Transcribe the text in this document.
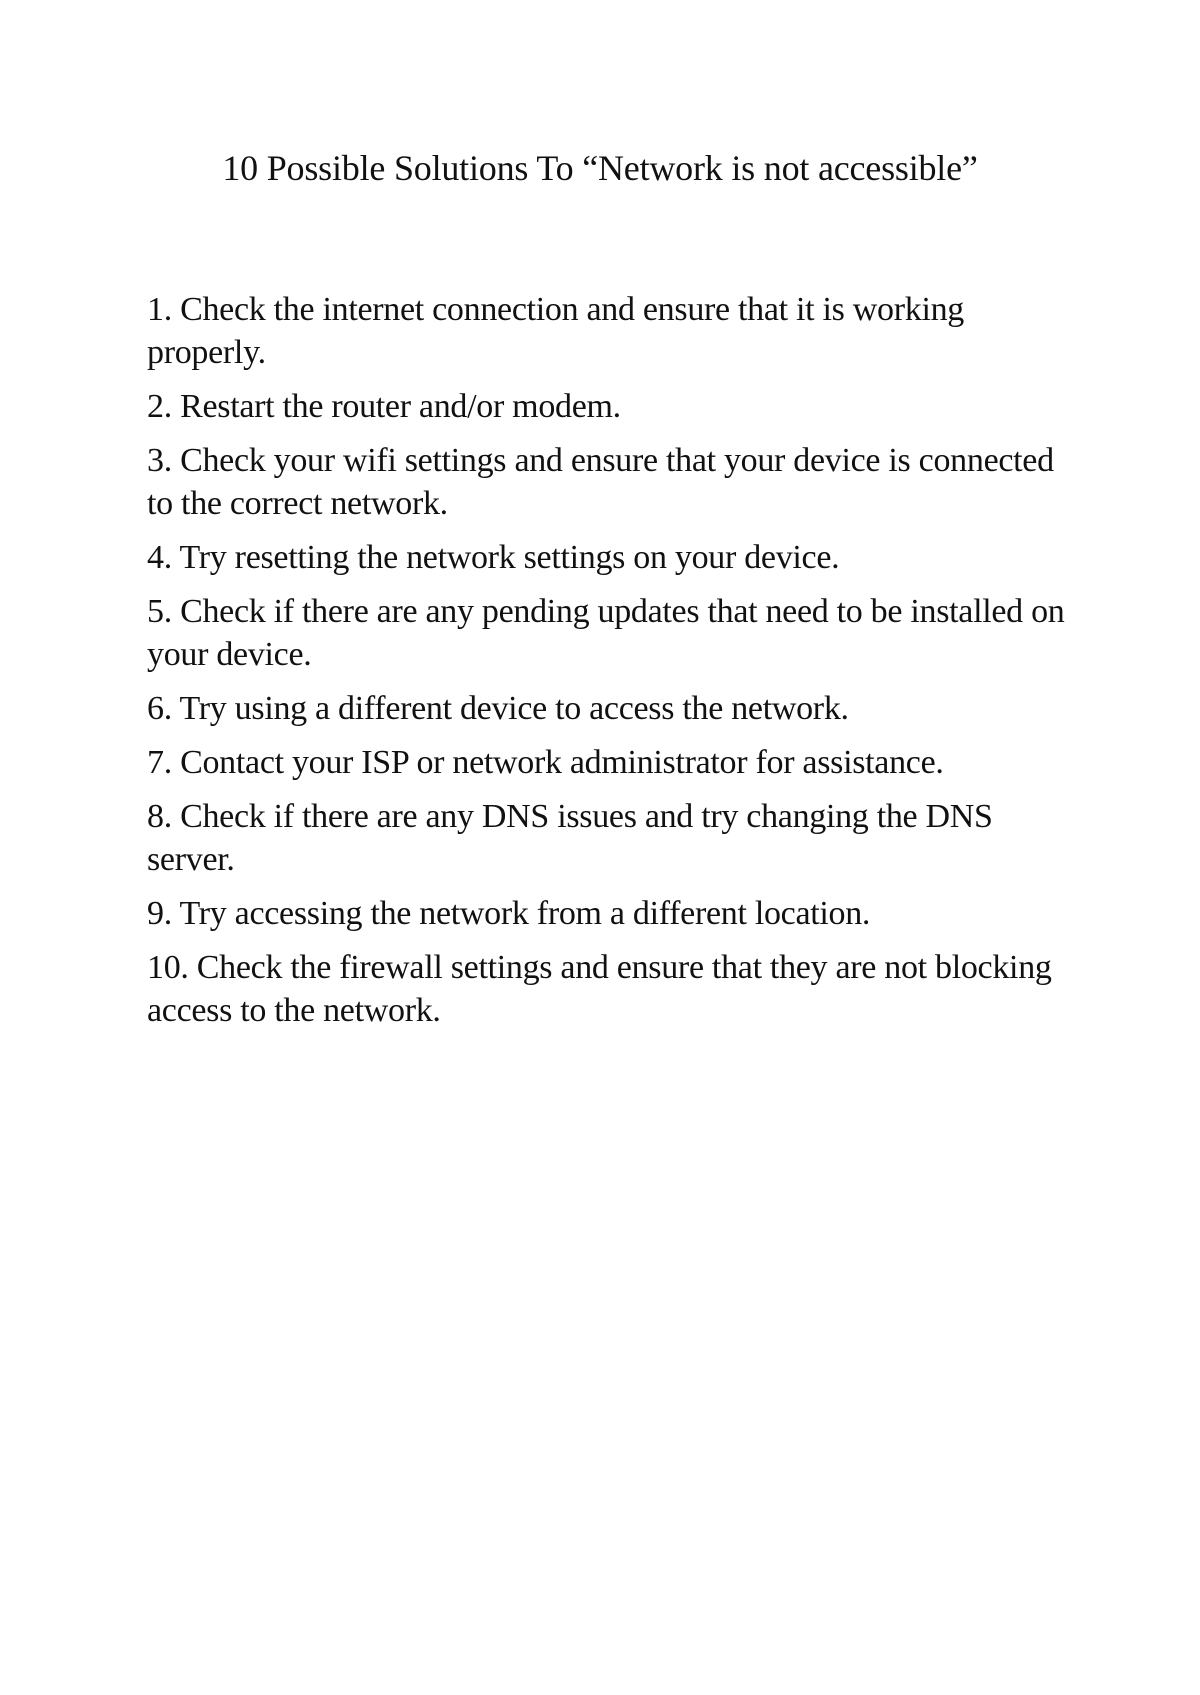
10 Possible Solutions To “Network is not accessible”
1. Check the internet connection and ensure that it is working properly.
2. Restart the router and/or modem.
3. Check your wifi settings and ensure that your device is connected to the correct network.
4. Try resetting the network settings on your device.
5. Check if there are any pending updates that need to be installed on your device.
6. Try using a different device to access the network.
7. Contact your ISP or network administrator for assistance.
8. Check if there are any DNS issues and try changing the DNS server.
9. Try accessing the network from a different location.
10. Check the firewall settings and ensure that they are not blocking access to the network.
